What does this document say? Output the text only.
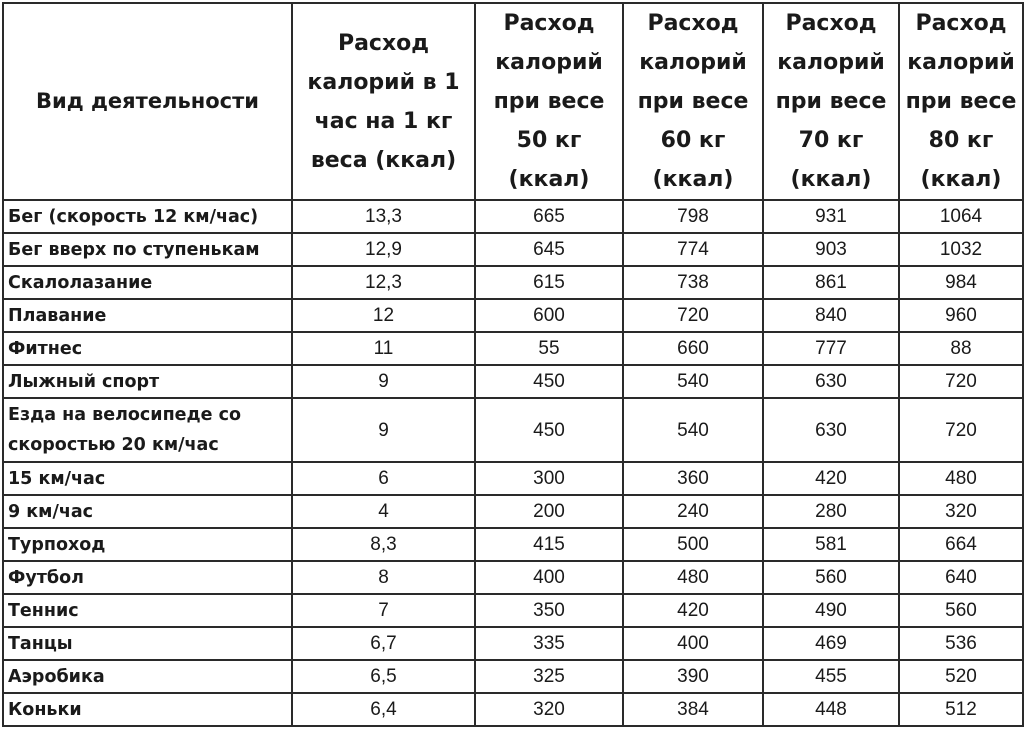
Вид деятельности	Расход калорий в 1 час на 1 кг веса (ккал)	Расход калорий при весе 50 кг (ккал)	Расход калорий при весе 60 кг (ккал)	Расход калорий при весе 70 кг (ккал)	Расход калорий при весе 80 кг (ккал)
Бег (скорость 12 км/час)	13,3	665	798	931	1064
Бег вверх по ступенькам	12,9	645	774	903	1032
Скалолазание	12,3	615	738	861	984
Плавание	12	600	720	840	960
Фитнес	11	55	660	777	88
Лыжный спорт	9	450	540	630	720
Езда на велосипеде со
скоростью 20 км/час	9	450	540	630	720
15 км/час	6	300	360	420	480
9 км/час	4	200	240	280	320
Турпоход	8,3	415	500	581	664
Футбол	8	400	480	560	640
Теннис	7	350	420	490	560
Танцы	6,7	335	400	469	536
Аэробика	6,5	325	390	455	520
Коньки	6,4	320	384	448	512
